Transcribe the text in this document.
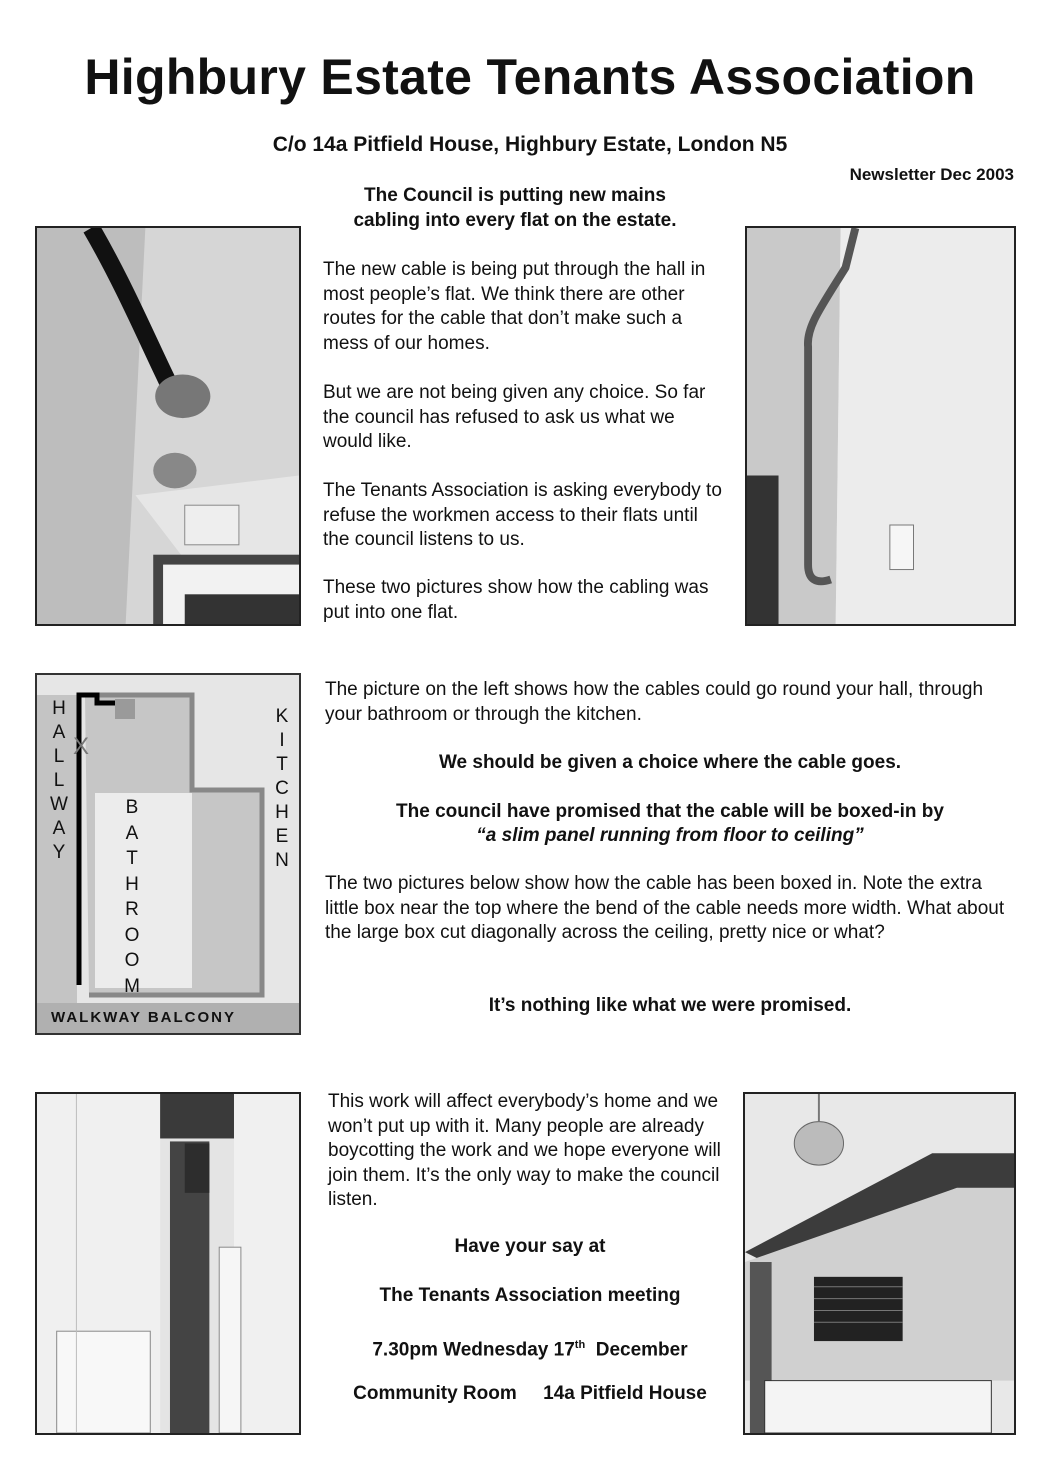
Highbury Estate Tenants Association

C/o 14a Pitfield House, Highbury Estate, London N5

Newsletter Dec 2003
The Council is putting new mains cabling into every flat on the estate.

The new cable is being put through the hall in most people’s flat. We think there are other routes for the cable that don’t make such a mess of our homes.

But we are not being given any choice. So far the council has refused to ask us what we would like.

The Tenants Association is asking everybody to refuse the workmen access to their flats until the council listens to us.

These two pictures show how the cabling was put into one flat.

H
A
L
L
W
A
Y
X
K
I
T
C
H
E
N
B
A
T
H
R
O
O
M
WALKWAY BALCONY

The picture on the left shows how the cables could go round your hall, through your bathroom or through the kitchen.

We should be given a choice where the cable goes.

The council have promised that the cable will be boxed-in by

“a slim panel running from floor to ceiling”

The two pictures below show how the cable has been boxed in. Note the extra little box near the top where the bend of the cable needs more width. What about the large box cut diagonally across the ceiling, pretty nice or what?

It’s nothing like what we were promised.

This work will affect everybody’s home and we won’t put up with it. Many people are already boycotting the work and we hope everyone will join them. It’s the only way to make the council listen.

Have your say at

The Tenants Association meeting

7.30pm Wednesday 17th December

Community Room     14a Pitfield House
